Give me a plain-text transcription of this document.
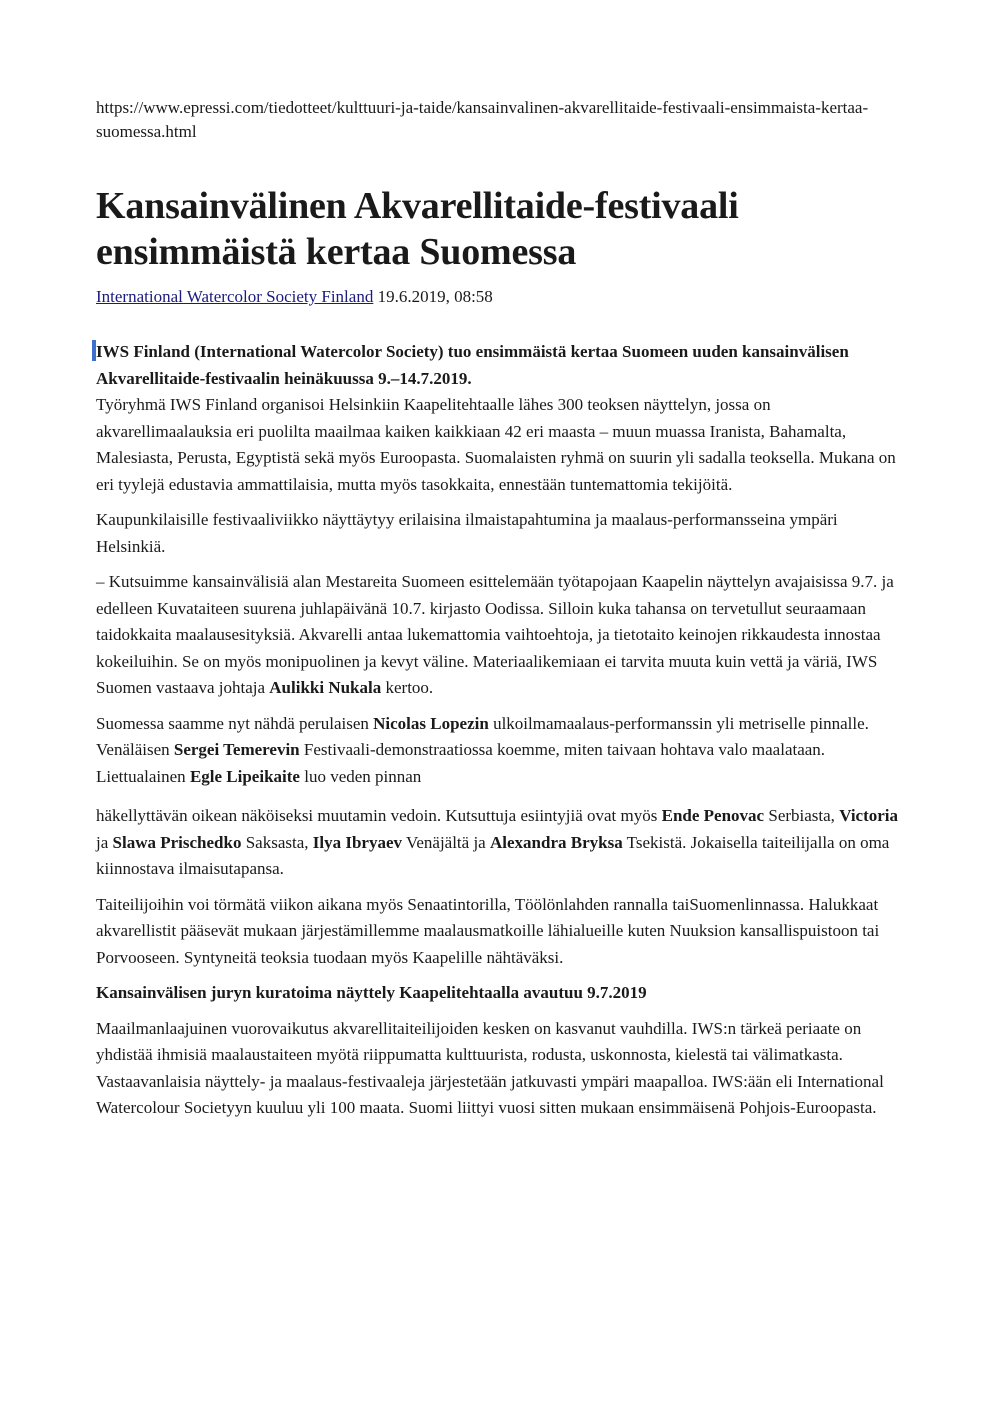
https://www.epressi.com/tiedotteet/kulttuuri-ja-taide/kansainvalinen-akvarellitaide-festivaali-ensimmaista-kertaa-suomessa.html
Kansainvälinen Akvarellitaide-festivaali ensimmäistä kertaa Suomessa
International Watercolor Society Finland 19.6.2019, 08:58

IWS Finland (International Watercolor Society) tuo ensimmäistä kertaa Suomeen uuden kansainvälisen Akvarellitaide-festivaalin heinäkuussa 9.–14.7.2019.

Työryhmä IWS Finland organisoi Helsinkiin Kaapelitehtaalle lähes 300 teoksen näyttelyn, jossa on akvarellimaalauksia eri puolilta maailmaa kaiken kaikkiaan 42 eri maasta – muun muassa Iranista, Bahamalta, Malesiasta, Perusta, Egyptistä sekä myös Euroopasta. Suomalaisten ryhmä on suurin yli sadalla teoksella. Mukana on eri tyylejä edustavia ammattilaisia, mutta myös tasokkaita, ennestään tuntemattomia tekijöitä.

Kaupunkilaisille festivaaliviikko näyttäytyy erilaisina ilmaistapahtumina ja maalaus-performansseina ympäri Helsinkiä.

– Kutsuimme kansainvälisiä alan Mestareita Suomeen esittelemään työtapojaan Kaapelin näyttelyn avajaisissa 9.7. ja edelleen Kuvataiteen suurena juhlapäivänä 10.7. kirjasto Oodissa. Silloin kuka tahansa on tervetullut seuraamaan taidokkaita maalausesityksiä. Akvarelli antaa lukemattomia vaihtoehtoja, ja tietotaito keinojen rikkaudesta innostaa kokeiluihin. Se on myös monipuolinen ja kevyt väline. Materiaalikemiaan ei tarvita muuta kuin vettä ja väriä, IWS Suomen vastaava johtaja Aulikki Nukala kertoo.

Suomessa saamme nyt nähdä perulaisen Nicolas Lopezin ulkoilmamaalaus-performanssin yli metriselle pinnalle. Venäläisen Sergei Temerevin Festivaali-demonstraatiossa koemme, miten taivaan hohtava valo maalataan. Liettualainen Egle Lipeikaite luo veden pinnan

häkellyttävän oikean näköiseksi muutamin vedoin. Kutsuttuja esiintyjiä ovat myös Ende Penovac Serbiasta, Victoria ja Slawa Prischedko Saksasta, Ilya Ibryaev Venäjältä ja Alexandra Bryksa Tsekistä. Jokaisella taiteilijalla on oma kiinnostava ilmaisutapansa.

Taiteilijoihin voi törmätä viikon aikana myös Senaatintorilla, Töölönlahden rannalla taiSuomenlinnassa. Halukkaat akvarellistit pääsevät mukaan järjestämillemme maalausmatkoille lähialueille kuten Nuuksion kansallispuistoon tai Porvooseen. Syntyneitä teoksia tuodaan myös Kaapelille nähtäväksi.

Kansainvälisen juryn kuratoima näyttely Kaapelitehtaalla avautuu 9.7.2019

Maailmanlaajuinen vuorovaikutus akvarellitaiteilijoiden kesken on kasvanut vauhdilla. IWS:n tärkeä periaate on yhdistää ihmisiä maalaustaiteen myötä riippumatta kulttuurista, rodusta, uskonnosta, kielestä tai välimatkasta. Vastaavanlaisia näyttely- ja maalaus-festivaaleja järjestetään jatkuvasti ympäri maapalloa. IWS:ään eli International Watercolour Societyyn kuuluu yli 100 maata. Suomi liittyi vuosi sitten mukaan ensimmäisenä Pohjois-Euroopasta.
